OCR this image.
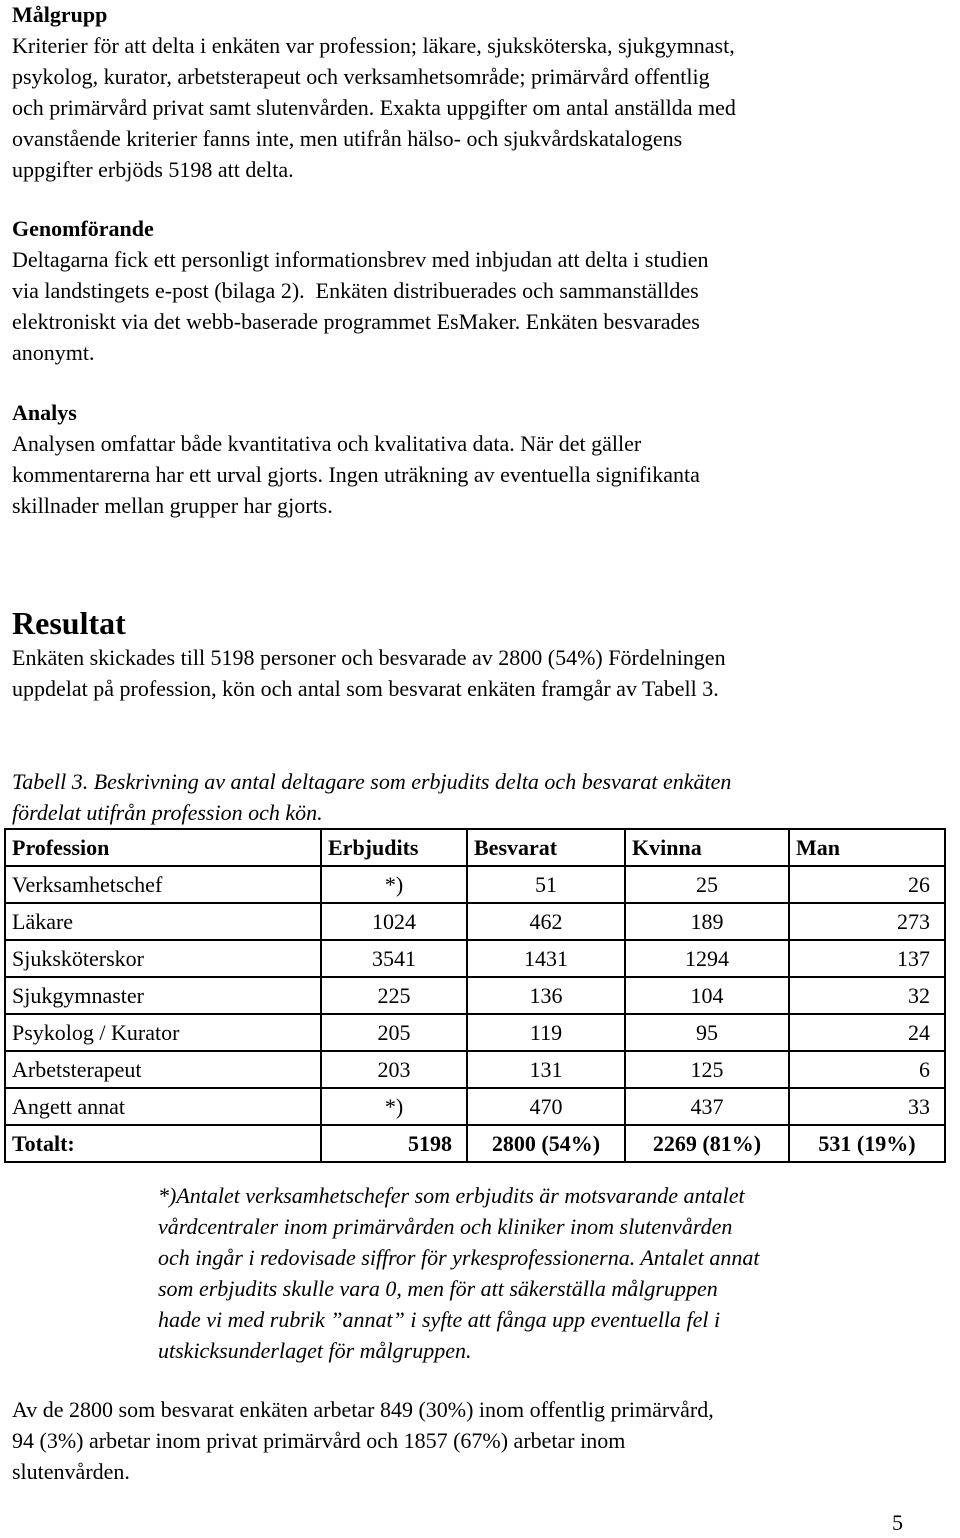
Målgrupp
Kriterier för att delta i enkäten var profession; läkare, sjuksköterska, sjukgymnast,
psykolog, kurator, arbetsterapeut och verksamhetsområde; primärvård offentlig
och primärvård privat samt slutenvården. Exakta uppgifter om antal anställda med
ovanstående kriterier fanns inte, men utifrån hälso- och sjukvårdskatalogens
uppgifter erbjöds 5198 att delta.
Genomförande
Deltagarna fick ett personligt informationsbrev med inbjudan att delta i studien
via landstingets e-post (bilaga 2).  Enkäten distribuerades och sammanställdes
elektroniskt via det webb-baserade programmet EsMaker. Enkäten besvarades
anonymt.
Analys
Analysen omfattar både kvantitativa och kvalitativa data. När det gäller
kommentarerna har ett urval gjorts. Ingen uträkning av eventuella signifikanta
skillnader mellan grupper har gjorts.
Resultat
Enkäten skickades till 5198 personer och besvarade av 2800 (54%) Fördelningen
uppdelat på profession, kön och antal som besvarat enkäten framgår av Tabell 3.
Tabell 3. Beskrivning av antal deltagare som erbjudits delta och besvarat enkäten
fördelat utifrån profession och kön.
Profession	Erbjudits	Besvarat	Kvinna	Man
Verksamhetschef	*)	51	25	26
Läkare	1024	462	189	273
Sjuksköterskor	3541	1431	1294	137
Sjukgymnaster	225	136	104	32
Psykolog / Kurator	205	119	95	24
Arbetsterapeut	203	131	125	6
Angett annat	*)	470	437	33
Totalt:	5198	2800 (54%)	2269 (81%)	531 (19%)
*)Antalet verksamhetschefer som erbjudits är motsvarande antalet
vårdcentraler inom primärvården och kliniker inom slutenvården
och ingår i redovisade siffror för yrkesprofessionerna. Antalet annat
som erbjudits skulle vara 0, men för att säkerställa målgruppen
hade vi med rubrik ”annat” i syfte att fånga upp eventuella fel i
utskicksunderlaget för målgruppen.
Av de 2800 som besvarat enkäten arbetar 849 (30%) inom offentlig primärvård,
94 (3%) arbetar inom privat primärvård och 1857 (67%) arbetar inom
slutenvården.
5
